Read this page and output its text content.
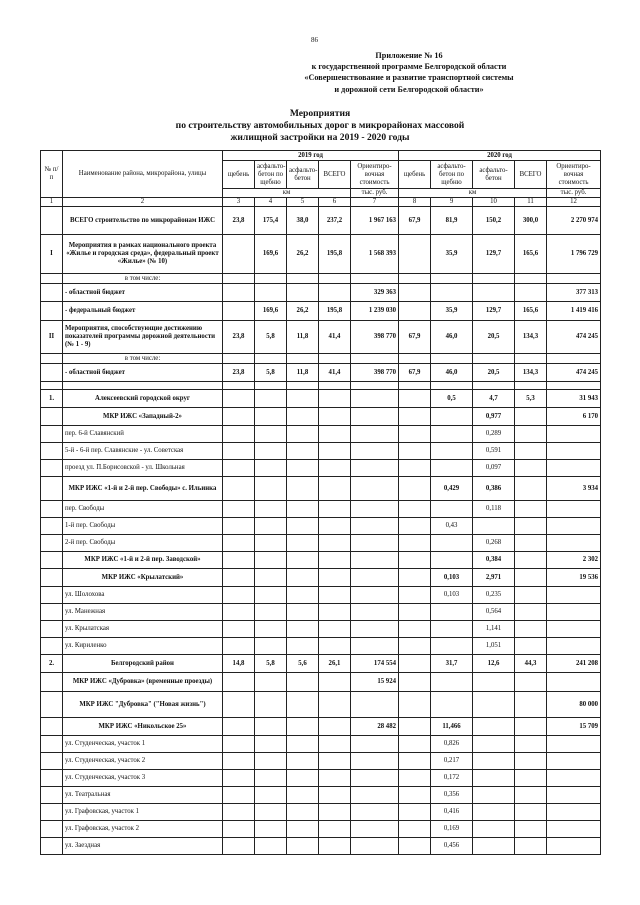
86
Приложение № 16
к государственной программе Белгородской области
«Совершенствование и развитие транспортной системы
и дорожной сети Белгородской области»
Мероприятия
по строительству автомобильных дорог в микрорайонах массовой
жилищной застройки на 2019 - 2020 годы
№ п/п	Наименование района, микрорайона, улицы	2019 год					2020 год				
		щебень	асфальто-бетон по щебню	асфальто-бетон	ВСЕГО	Ориентиро-вочная стоимость	щебень	асфальто-бетон по щебню	асфальто-бетон	ВСЕГО	Ориентиро-вочная стоимость
		км				тыс. руб.	км				тыс. руб.
1	2	3	4	5	6	7	8	9	10	11	12
	ВСЕГО строительство по микрорайонам ИЖС	23,8	175,4	38,0	237,2	1 967 163	67,9	81,9	150,2	300,0	2 270 974
I	Мероприятия в рамках национального проекта «Жилье и городская среда», федеральный проект «Жилье» (№ 10)		169,6	26,2	195,8	1 568 393		35,9	129,7	165,6	1 796 729
	в том числе:										
	- областной бюджет					329 363					377 313
	- федеральный бюджет		169,6	26,2	195,8	1 239 030		35,9	129,7	165,6	1 419 416
II	Мероприятия, способствующие достижению показателей программы дорожной деятельности (№ 1 - 9)	23,8	5,8	11,8	41,4	398 770	67,9	46,0	20,5	134,3	474 245
	в том числе:										
	- областной бюджет	23,8	5,8	11,8	41,4	398 770	67,9	46,0	20,5	134,3	474 245

1.	Алексеевский городской округ							0,5	4,7	5,3	31 943
	МКР ИЖС «Западный-2»								0,977		6 170
	пер. 6-й Славянский								0,289		
	5-й - 6-й пер. Славянские - ул. Советская								0,591		
	проезд ул. П.Борисовской - ул. Школьная								0,097		
	МКР ИЖС «1-й и 2-й пер. Свободы» с. Ильинка							0,429	0,386		3 934
	пер. Свободы								0,118		
	1-й пер. Свободы							0,43			
	2-й пер. Свободы								0,268		
	МКР ИЖС «1-й и 2-й пер. Заводской»								0,384		2 302
	МКР ИЖС «Крылатский»							0,103	2,971		19 536
	ул. Шолохова							0,103	0,235		
	ул. Манежная								0,564		
	ул. Крылатская								1,141		
	ул. Кириленко								1,051		
2.	Белгородский район	14,8	5,8	5,6	26,1	174 554		31,7	12,6	44,3	241 208
	МКР ИЖС «Дубровка» (временные проезды)					15 924					
	МКР ИЖС "Дубровка" ("Новая жизнь")										80 000
	МКР ИЖС «Никольское 25»					28 482		11,466			15 709
	ул. Студенческая, участок 1							0,826			
	ул. Студенческая, участок 2							0,217			
	ул. Студенческая, участок 3							0,172			
	ул. Театральная							0,356			
	ул. Графовская, участок 1							0,416			
	ул. Графовская, участок 2							0,169			
	ул. Заездная							0,456			
